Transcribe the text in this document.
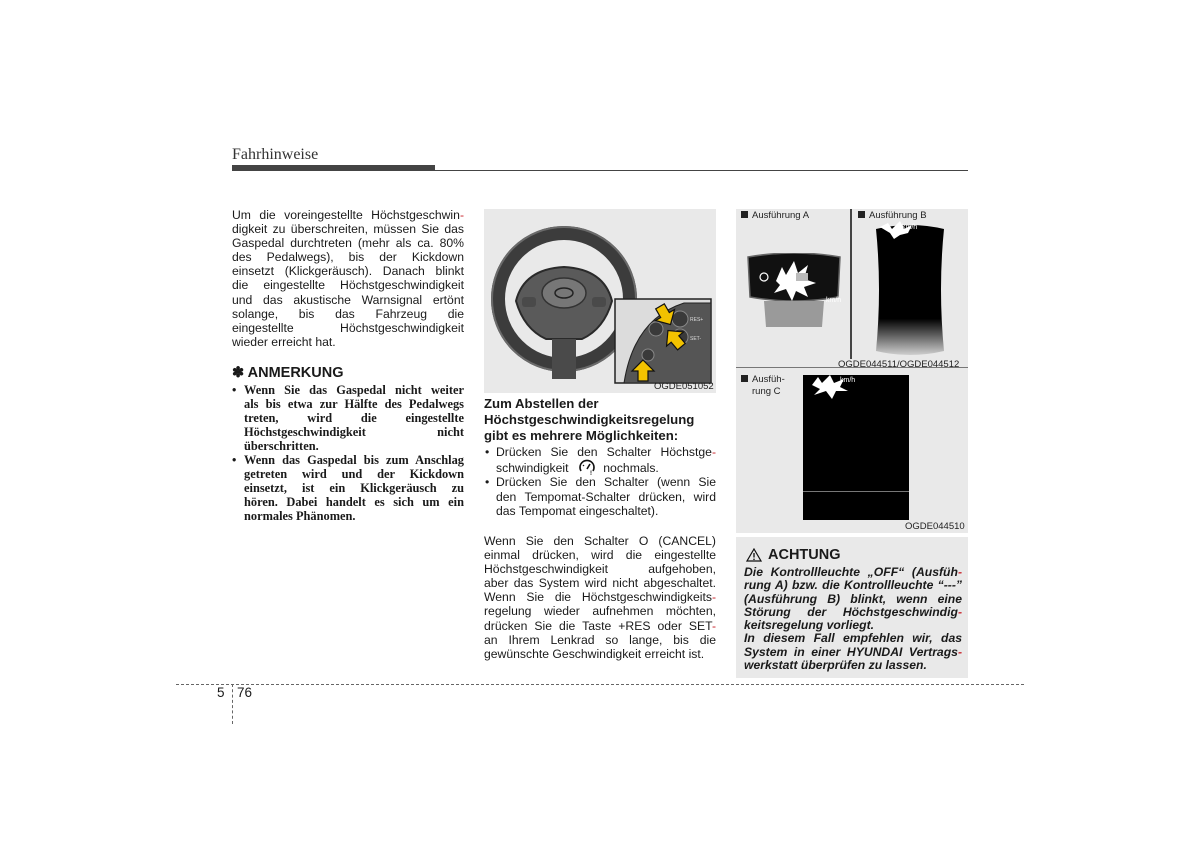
Fahrhinweise
Um die voreingestellte Höchstgeschwin-
digkeit zu überschreiten, müssen Sie das
Gaspedal durchtreten (mehr als ca. 80%
des Pedalwegs), bis der Kickdown
einsetzt (Klickgeräusch). Danach blinkt
die eingestellte Höchstgeschwindigkeit
und das akustische Warnsignal ertönt
solange, bis das Fahrzeug die
eingestellte Höchstgeschwindigkeit
wieder erreicht hat.
✽ ANMERKUNG
• Wenn Sie das Gaspedal nicht weiter
als bis etwa zur Hälfte des Pedalwegs
treten, wird die eingestellte
Höchstgeschwindigkeit nicht
überschritten.
• Wenn das Gaspedal bis zum Anschlag
getreten wird und der Kickdown
einsetzt, ist ein Klickgeräusch zu
hören. Dabei handelt es sich um ein
normales Phänomen.
RES+
SET-
OGDE051052
Zum Abstellen der
Höchstgeschwindigkeitsregelung
gibt es mehrere Möglichkeiten:
• Drücken Sie den Schalter Höchstge-
schwindigkeit	! nochmals.
• Drücken Sie den Schalter (wenn Sie
den Tempomat-Schalter drücken, wird
das Tempomat eingeschaltet).
Wenn Sie den Schalter O (CANCEL)
einmal drücken, wird die eingestellte
Höchstgeschwindigkeit aufgehoben,
aber das System wird nicht abgeschaltet.
Wenn Sie die Höchstgeschwindigkeits-
regelung wieder aufnehmen möchten,
drücken Sie die Taste +RES oder SET-
an Ihrem Lenkrad so lange, bis die
gewünschte Geschwindigkeit erreicht ist.
Ausführung A	Ausführung B
LIM
km/h
km/h
OGDE044511/OGDE044512
Ausfüh-
rung C
km/h
OGDE044510
ACHTUNG
Die Kontrollleuchte „OFF“ (Ausfüh-
rung A) bzw. die Kontrollleuchte “---”
(Ausführung B) blinkt, wenn eine
Störung der Höchstgeschwindig-
keitsregelung vorliegt.
In diesem Fall empfehlen wir, das
System in einer HYUNDAI Vertrags-
werkstatt überprüfen zu lassen.
5 76
